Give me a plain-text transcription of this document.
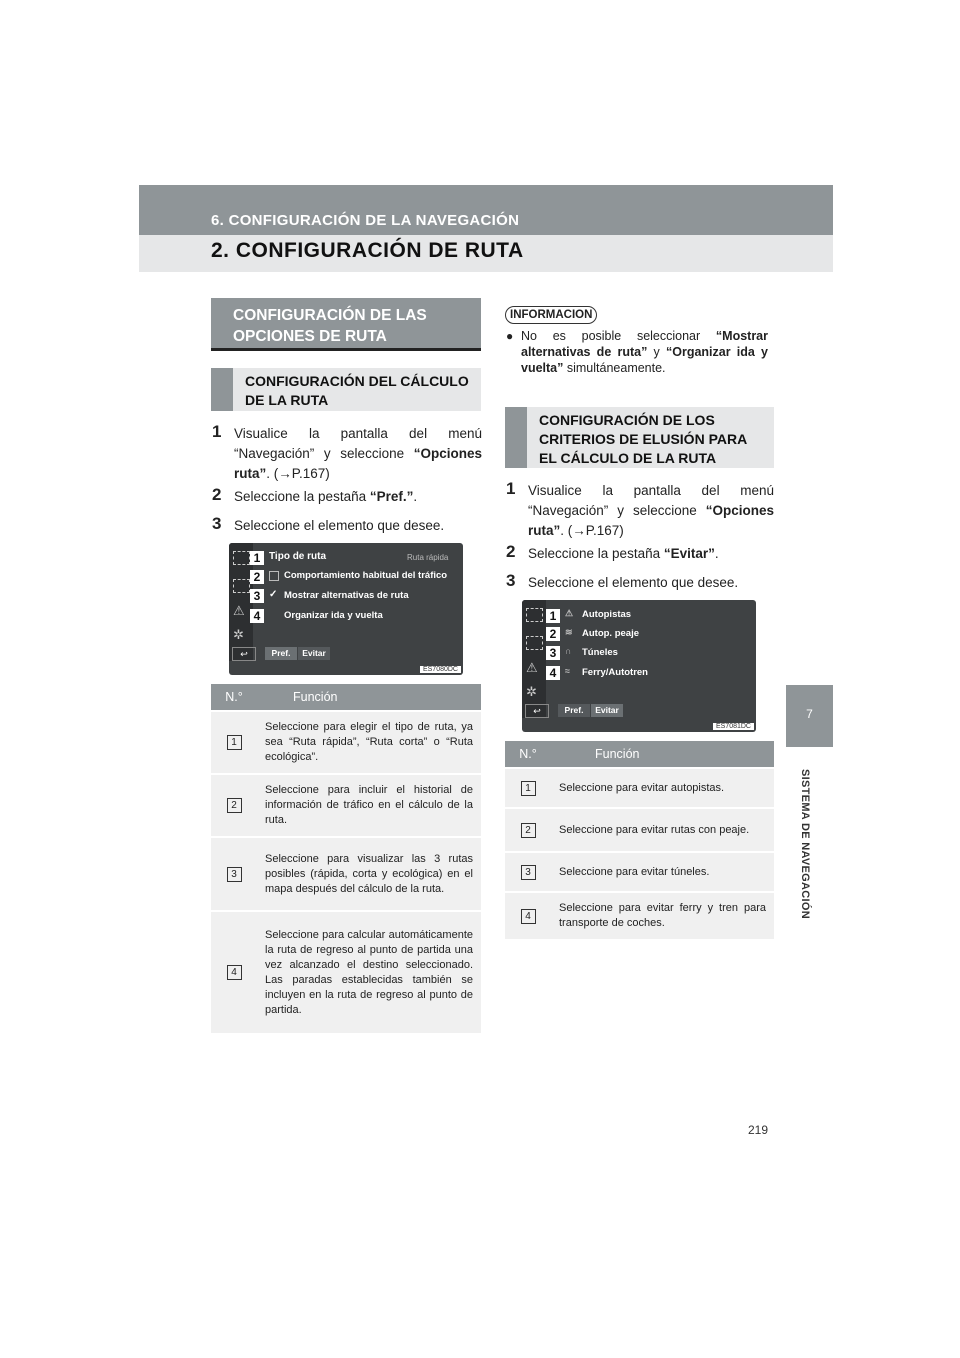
6. CONFIGURACIÓN DE LA NAVEGACIÓN
2. CONFIGURACIÓN DE RUTA
7
SISTEMA DE NAVEGACIÓN
CONFIGURACIÓN DE LAS OPCIONES DE RUTA
CONFIGURACIÓN DEL CÁLCULO DE LA RUTA
1 Visualice la pantalla del menú “Navegación” y seleccione “Opciones ruta”. (→P.167)
2 Seleccione la pestaña “Pref.”.
3 Seleccione el elemento que desee.
⚠
✲
1
2
3
4
Tipo de ruta	Ruta rápida
Comportamiento habitual del tráfico
✓ Mostrar alternativas de ruta
Organizar ida y vuelta
↩	Pref.	Evitar
ES7080DC
N.°	Función
1	Seleccione para elegir el tipo de ruta, ya sea “Ruta rápida”, “Ruta corta” o “Ruta ecológica”.
2	Seleccione para incluir el historial de información de tráfico en el cálculo de la ruta.
3	Seleccione para visualizar las 3 rutas posibles (rápida, corta y ecológica) en el mapa después del cálculo de la ruta.
4	Seleccione para calcular automáticamente la ruta de regreso al punto de partida una vez alcanzado el destino seleccionado. Las paradas establecidas también se incluyen en la ruta de regreso al punto de partida.
INFORMACION
● No es posible seleccionar “Mostrar alternativas de ruta” y “Organizar ida y vuelta” simultáneamente.
CONFIGURACIÓN DE LOS CRITERIOS DE ELUSIÓN PARA EL CÁLCULO DE LA RUTA
1 Visualice la pantalla del menú “Navegación” y seleccione “Opciones ruta”. (→P.167)
2 Seleccione la pestaña “Evitar”.
3 Seleccione el elemento que desee.
⚠
✲
1
2
3
4
⚠ Autopistas
≋ Autop. peaje
∩ Túneles
≈ Ferry/Autotren
↩	Pref.	Evitar
ES7081DC
N.°	Función
1	Seleccione para evitar autopistas.
2	Seleccione para evitar rutas con peaje.
3	Seleccione para evitar túneles.
4	Seleccione para evitar ferry y tren para transporte de coches.
219
